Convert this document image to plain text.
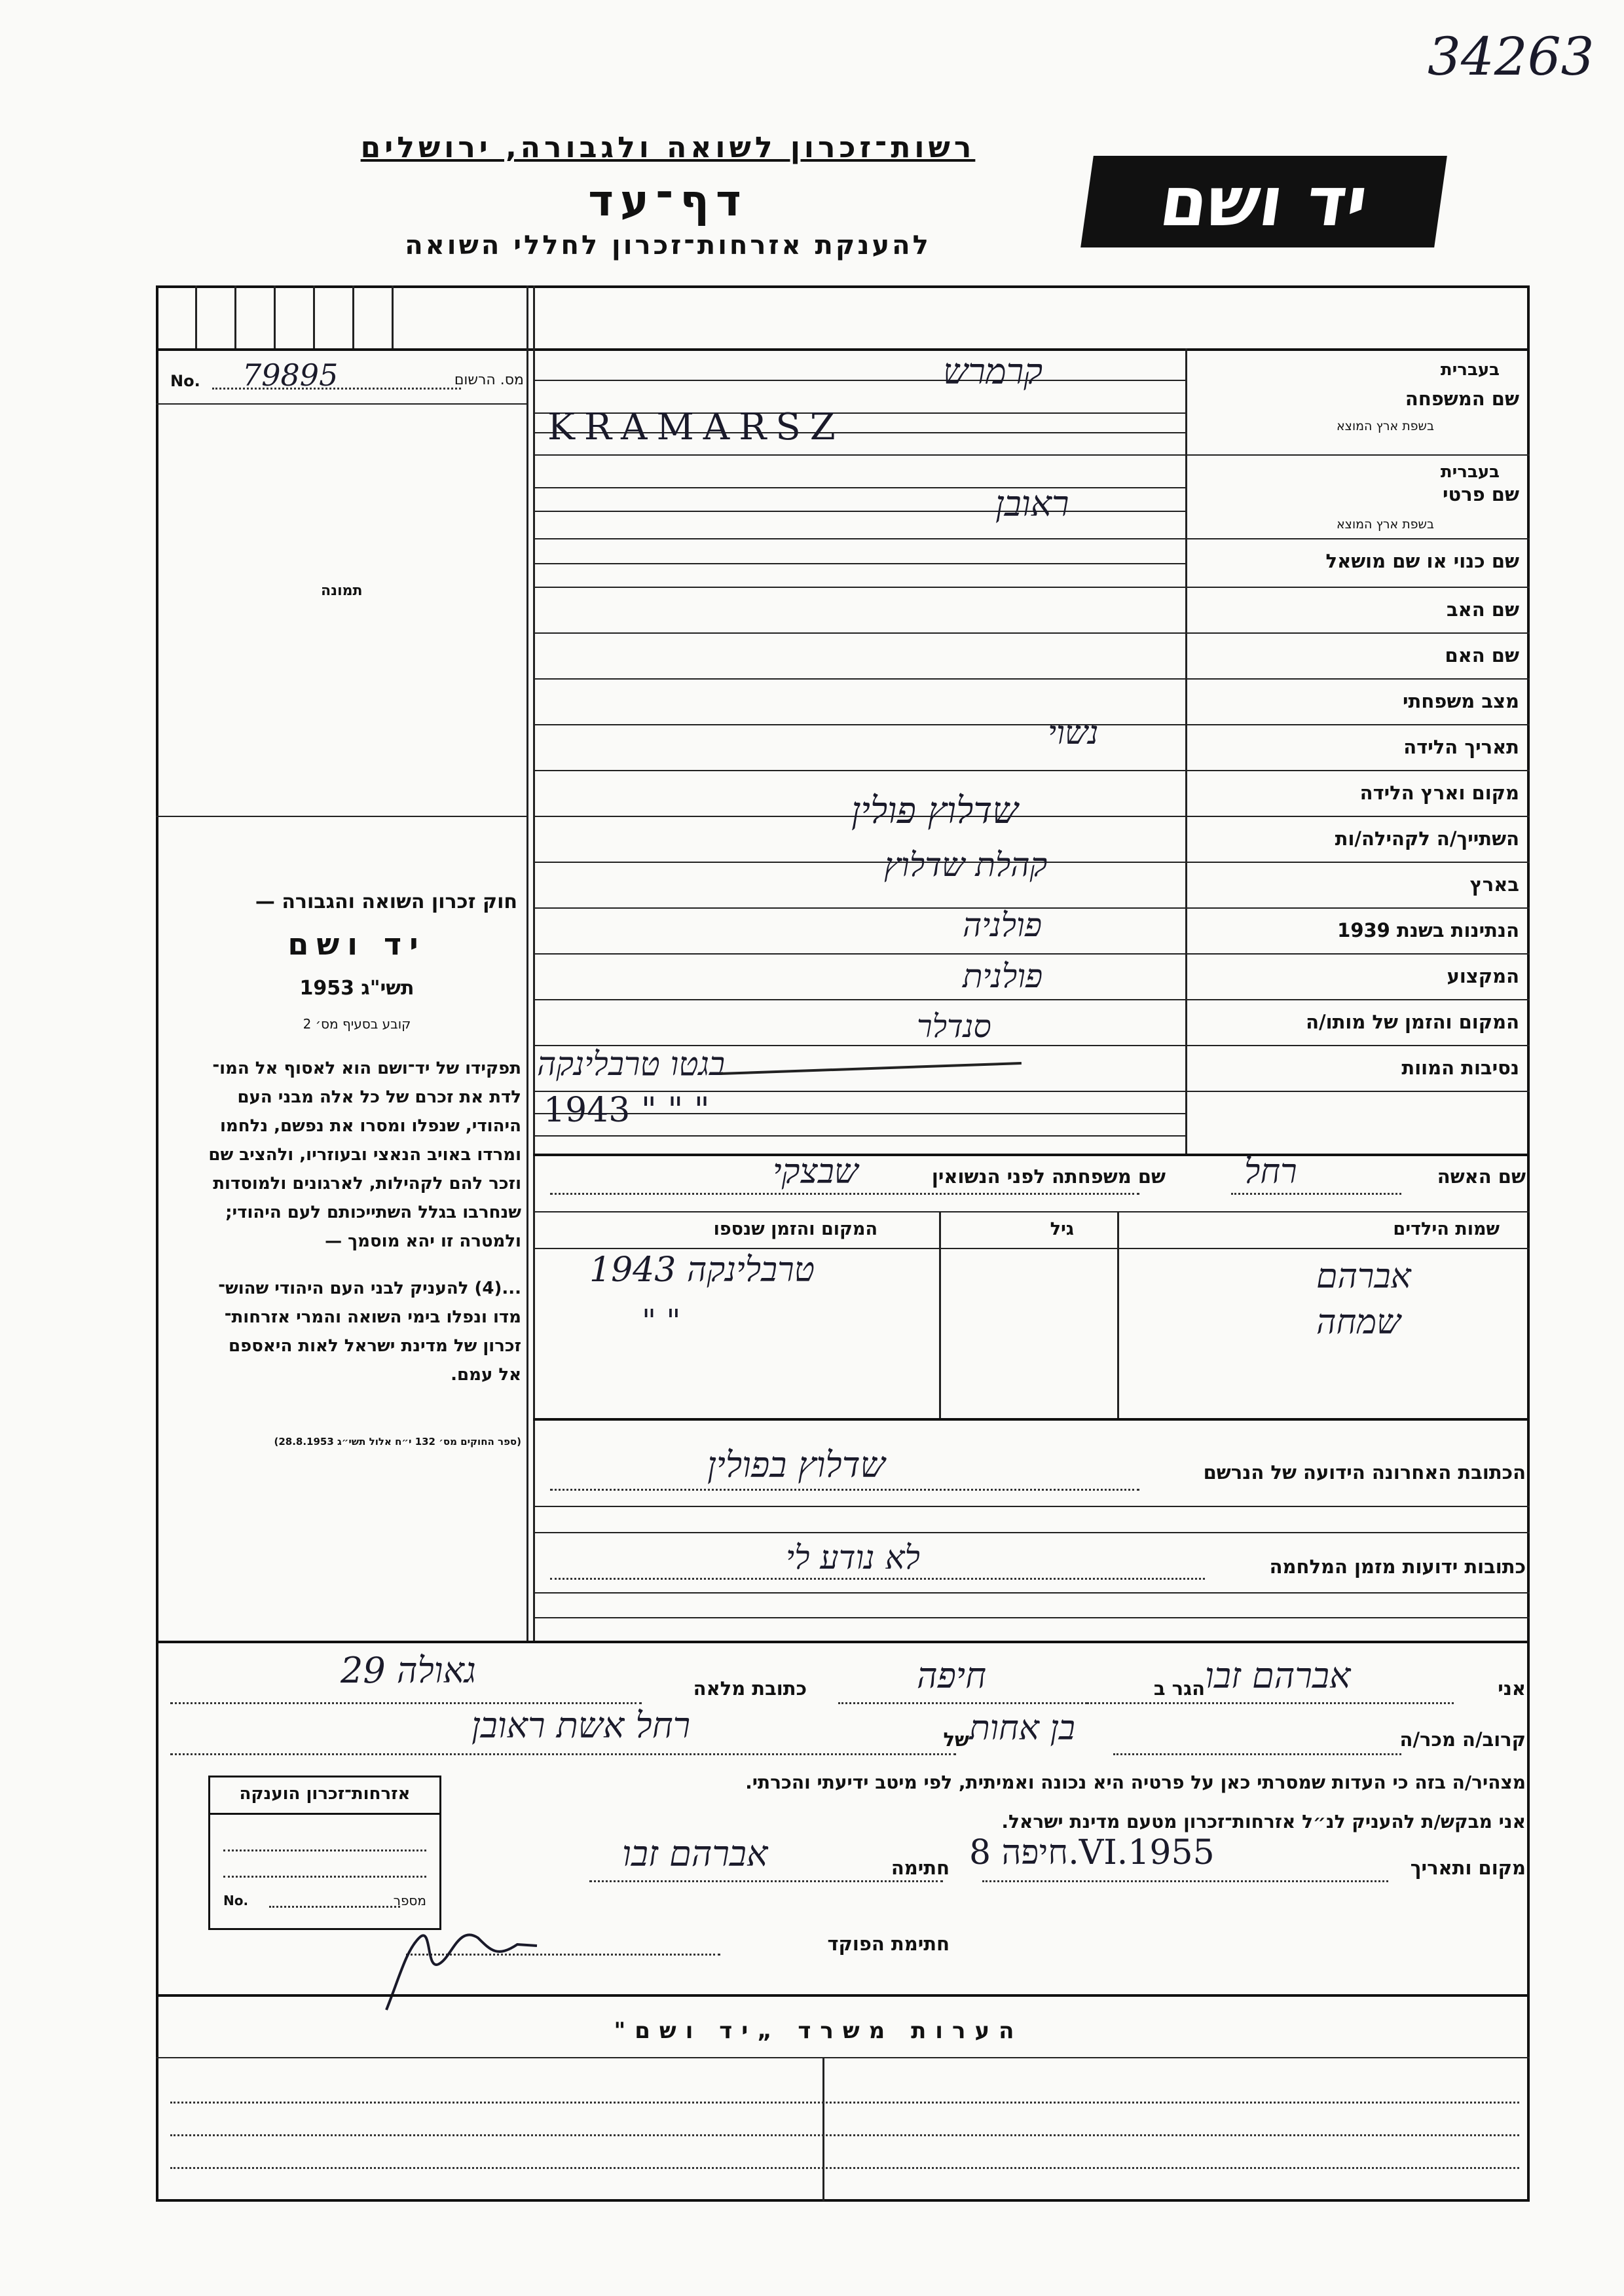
34263
רשות־זכרון לשואה ולגבורה, ירושלים
דף־עד
להענקת אזרחות־זכרון לחללי השואה
יד ושם
No. 79895	מס. הרשום
תמונה
חוק זכרון השואה והגבורה —
יד ושם
תשי"ג 1953
קובע בסעיף מס׳ 2
תפקידו של יד־ושם הוא לאסוף אל המו־
לדת את זכרם של כל אלה מבני העם
היהודי, שנפלו ומסרו את נפשם, נלחמו
ומרדו באויב הנאצי ובעוזריו, ולהציב שם
וזכר להם לקהילות, לארגונים ולמוסדות
שנחרבו בגלל השתייכותם לעם היהודי;
ולמטרה זו יהא מוסמך —
...(4) להעניק לבני העם היהודי שהוש־
מדו ונפלו בימי השואה והמרי אזרחות־
זכרון של מדינת ישראל לאות היאספם
אל עמם.
(ספר החוקים מס׳ 132 י״ח אלול תשי״ג 28.8.1953)
בעברית
שם המשפחה
בשפת ארץ המוצא
בעברית
שם פרטי
בשפת ארץ המוצא
שם כנוי או שם מושאל
שם האב
שם האם
מצב משפחתי
תאריך הלידה
מקום וארץ הלידה
השתייך/ה לקהילה/ות
בארץ
הנתינות בשנת 1939
המקצוע
המקום והזמן של מותו/ה
נסיבות המוות
קרמרש
KRAMARSZ
ראובן
נשוי
שדלוץ פולין
קהלת שדלוץ
פולניה
פולנית
סנדלר
בגטו טרבלינקה
1943 " " "
שם האשה
רחל
שם משפחתה לפני הנשואין
שבצקי
שמות הילדים
גיל
המקום והזמן שנספו
אברהם
שמחה
טרבלינקה 1943
" "
הכתובת האחרונה הידועה של הנרשם
שדלוץ בפולין
כתובות ידועות מזמן המלחמה
לא נודע לי
אני
אברהם זבו
הגר ב
חיפה
כתובת מלאה
גאולה 29
קרוב/ה מכר/ה
בן אחות
של
רחל אשת ראובן
מצהיר/ה בזה כי העדות שמסרתי כאן על פרטיה היא נכונה ואמיתית, לפי מיטב ידיעתי והכרתי.
אני מבקש/ת להעניק לנ״ל אזרחות־זכרון מטעם מדינת ישראל.
מקום ותאריך
חיפה 8.VI.1955
חתימה
אברהם זבו
חתימת הפוקד
אזרחות־זכרון הוענקה
No.	מספר
הערות משרד „יד ושם"
